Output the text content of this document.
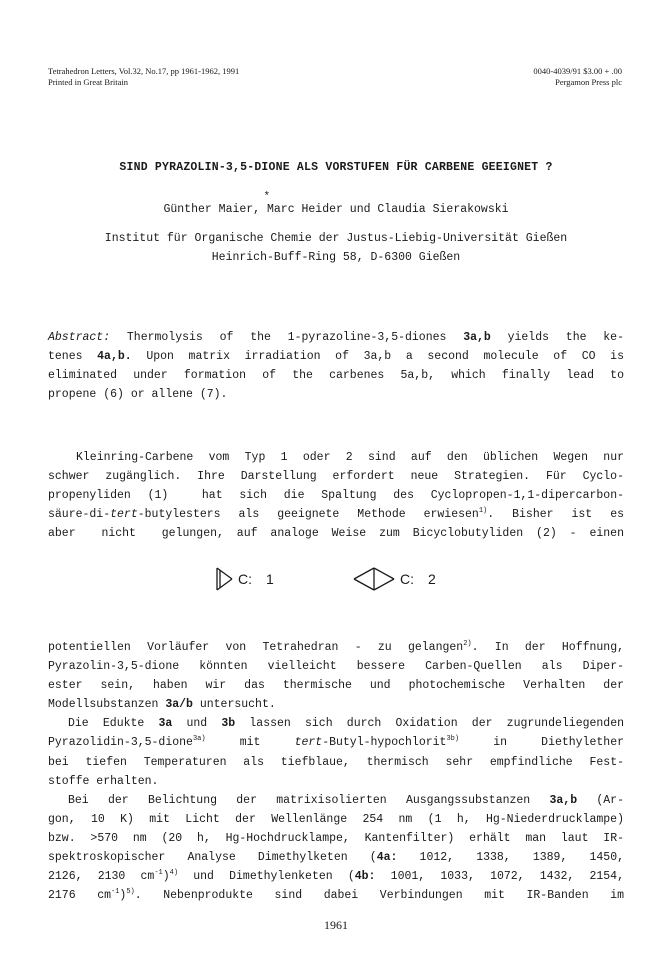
Tetrahedron Letters, Vol.32, No.17, pp 1961-1962, 1991
Printed in Great Britain
0040-4039/91 $3.00 + .00
Pergamon Press plc
SIND PYRAZOLIN-3,5-DIONE ALS VORSTUFEN FÜR CARBENE GEEIGNET ?
*
Günther Maier, Marc Heider und Claudia Sierakowski
Institut für Organische Chemie der Justus-Liebig-Universität Gießen
Heinrich-Buff-Ring 58, D-6300 Gießen
Abstract: Thermolysis of the 1-pyrazoline-3,5-diones 3a,b yields the ke-
tenes 4a,b. Upon matrix irradiation of 3a,b a second molecule of CO is
eliminated under formation of the carbenes 5a,b, which finally lead to
propene (6) or allene (7).
Kleinring-Carbene vom Typ 1 oder 2 sind auf den üblichen Wegen nur
schwer zugänglich. Ihre Darstellung erfordert neue Strategien. Für Cyclo-
propenyliden (1)  hat sich die Spaltung des Cyclopropen-1,1-dipercarbon-
säure-di-tert-butylesters als geeignete Methode erwiesen$^{1)}$. Bisher ist es
aber  nicht  gelungen, auf analoge Weise zum Bicyclobutyliden (2) - einen
C: 1	C: 2
potentiellen Vorläufer von Tetrahedran - zu gelangen$^{2)}$. In der Hoffnung,
Pyrazolin-3,5-dione könnten vielleicht bessere Carben-Quellen als Diper-
ester sein, haben wir das thermische und photochemische Verhalten der
Modellsubstanzen 3a/b untersucht.
Die Edukte 3a und 3b lassen sich durch Oxidation der zugrundeliegenden
Pyrazolidin-3,5-dione$^{3a)}$  mit  tert-Butyl-hypochlorit$^{3b)}$  in  Diethylether
bei tiefen Temperaturen als tiefblaue, thermisch sehr empfindliche Fest-
stoffe erhalten.
Bei der Belichtung der matrixisolierten Ausgangssubstanzen 3a,b (Ar-
gon, 10 K) mit Licht der Wellenlänge 254 nm (1 h, Hg-Niederdrucklampe)
bzw. >570 nm (20 h, Hg-Hochdrucklampe, Kantenfilter) erhält man laut IR-
spektroskopischer  Analyse  Dimethylketen  (4a:  1012,  1338,  1389,  1450,
2126, 2130 $cm^{-1})^{4)}$ und Dimethylenketen (4b: 1001, 1033, 1072, 1432, 2154,
2176 $cm^{-1})^{5)}$. Nebenprodukte sind dabei Verbindungen mit IR-Banden im
1961
